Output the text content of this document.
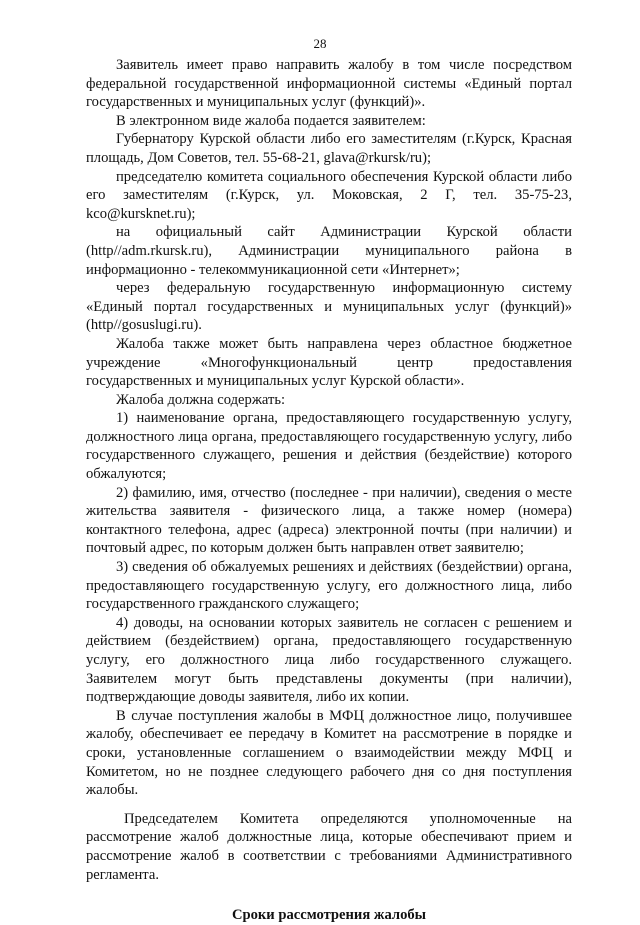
28

Заявитель имеет право направить жалобу в том числе посредством федеральной государственной информационной системы «Единый портал государственных и муниципальных услуг (функций)».

В электронном виде жалоба подается заявителем:

Губернатору Курской области либо его заместителям (г.Курск, Красная площадь, Дом Советов, тел. 55-68-21, glava@rkursk/ru);

председателю комитета социального обеспечения Курской области либо его заместителям (г.Курск, ул. Моковская, 2 Г, тел. 35-75-23, kco@kursknet.ru);

на официальный сайт Администрации Курской области (http//adm.rkursk.ru), Администрации муниципального района в информационно - телекоммуникационной сети «Интернет»;

через федеральную государственную информационную систему «Единый портал государственных и муниципальных услуг (функций)» (http//gosuslugi.ru).

Жалоба также может быть направлена через областное бюджетное учреждение «Многофункциональный центр предоставления государственных и муниципальных услуг Курской области».

Жалоба должна содержать:

1) наименование органа, предоставляющего государственную услугу, должностного лица органа, предоставляющего государственную услугу, либо государственного служащего, решения и действия (бездействие) которого обжалуются;

2) фамилию, имя, отчество (последнее - при наличии), сведения о месте жительства заявителя - физического лица, а также номер (номера) контактного телефона, адрес (адреса) электронной почты (при наличии) и почтовый адрес, по которым должен быть направлен ответ заявителю;

3) сведения об обжалуемых решениях и действиях (бездействии) органа, предоставляющего государственную услугу, его должностного лица, либо государственного гражданского служащего;

4) доводы, на основании которых заявитель не согласен с решением и действием (бездействием) органа, предоставляющего государственную услугу, его должностного лица либо государственного служащего. Заявителем могут быть представлены документы (при наличии), подтверждающие доводы заявителя, либо их копии.

В случае поступления жалобы в МФЦ должностное лицо, получившее жалобу, обеспечивает ее передачу в Комитет на рассмотрение в порядке и сроки, установленные соглашением о взаимодействии между МФЦ и Комитетом, но не позднее следующего рабочего дня со дня поступления жалобы.

Председателем Комитета определяются уполномоченные на рассмотрение жалоб должностные лица, которые обеспечивают прием и рассмотрение жалоб в соответствии с требованиями Административного регламента.

Сроки рассмотрения жалобы
